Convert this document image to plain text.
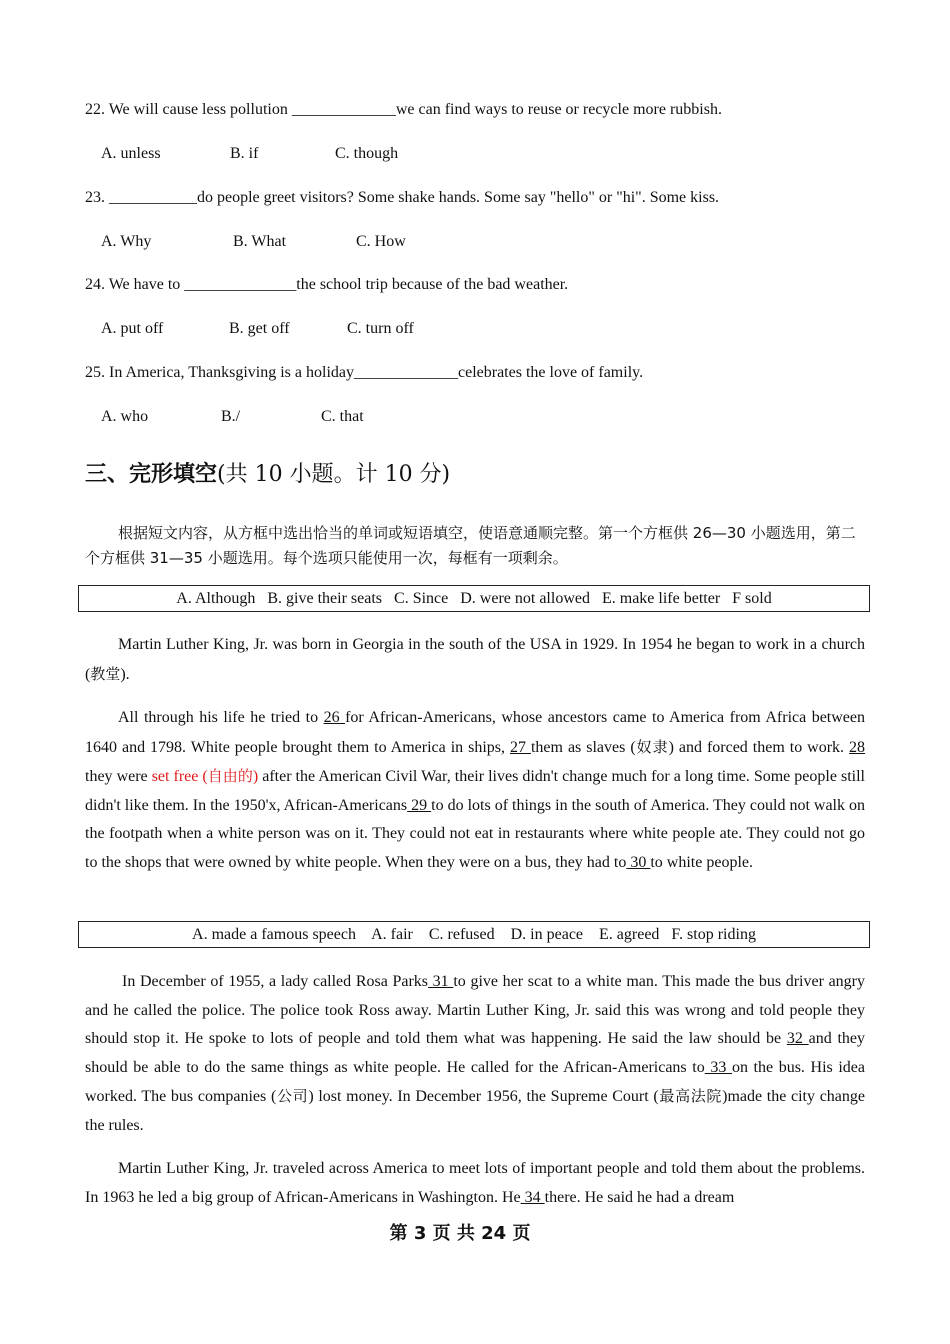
22. We will cause less pollution _____________we can find ways to reuse or recycle more rubbish.
A. unless	B. if	C. though
23. ___________do people greet visitors? Some shake hands. Some say "hello" or "hi". Some kiss.
A. Why	B. What	C. How
24. We have to ______________the school trip because of the bad weather.
A. put off	B. get off	C. turn off
25. In America, Thanksgiving is a holiday_____________celebrates the love of family.
A. who	B./	C. that
三、完形填空(共 10 小题。计 10 分)
根据短文内容，从方框中选出恰当的单词或短语填空，使语意通顺完整。第一个方框供 26—30 小题选用，第二个方框供 31—35 小题选用。每个选项只能使用一次，每框有一项剩余。
A. Although   B. give their seats   C. Since   D. were not allowed   E. make life better   F sold
Martin Luther King, Jr. was born in Georgia in the south of the USA in 1929. In 1954 he began to work in a church (教堂).
All through his life he tried to 26 for African-Americans, whose ancestors came to America from Africa between 1640 and 1798. White people brought them to America in ships, 27 them as slaves (奴隶) and forced them to work. 28 they were set free (自由的) after the American Civil War, their lives didn't change much for a long time. Some people still didn't like them. In the 1950'x, African-Americans 29 to do lots of things in the south of America. They could not walk on the footpath when a white person was on it. They could not eat in restaurants where white people ate. They could not go to the shops that were owned by white people. When they were on a bus, they had to 30 to white people.
A. made a famous speech    A. fair    C. refused    D. in peace    E. agreed   F. stop riding
In December of 1955, a lady called Rosa Parks 31 to give her scat to a white man. This made the bus driver angry and he called the police. The police took Ross away. Martin Luther King, Jr. said this was wrong and told people they should stop it. He spoke to lots of people and told them what was happening. He said the law should be 32 and they should be able to do the same things as white people. He called for the African-Americans to 33 on the bus. His idea worked. The bus companies (公司) lost money. In December 1956, the Supreme Court (最高法院)made the city change the rules.
Martin Luther King, Jr. traveled across America to meet lots of important people and told them about the problems. In 1963 he led a big group of African-Americans in Washington. He 34 there. He said he had a dream
第 3 页 共 24 页
